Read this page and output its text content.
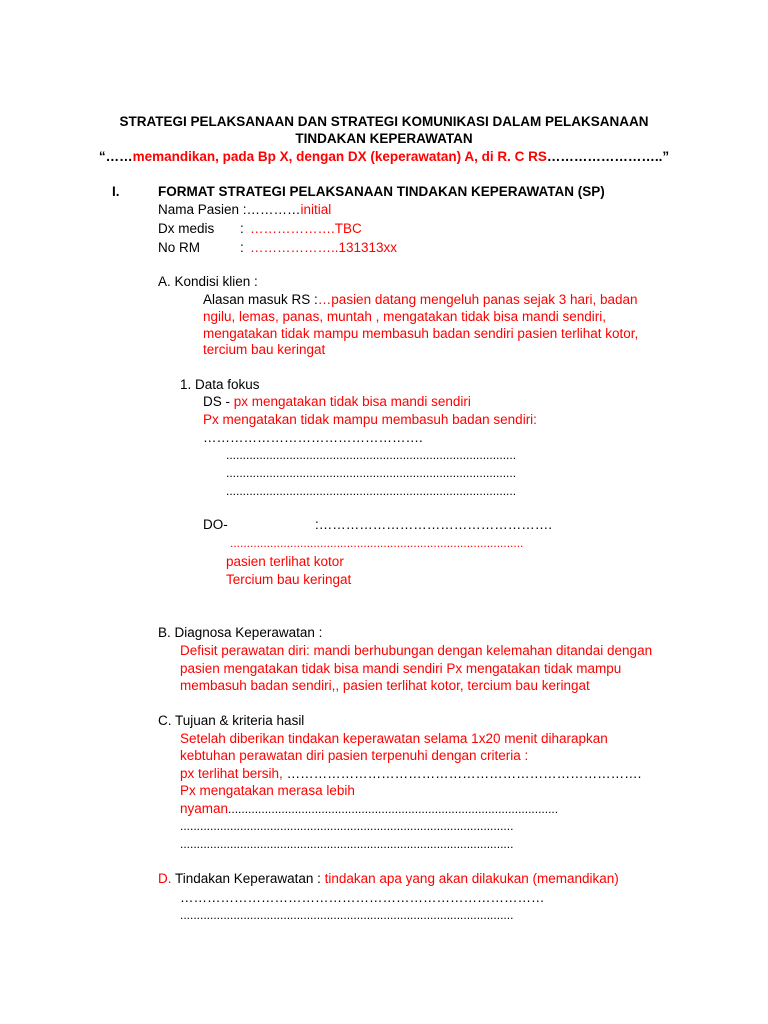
STRATEGI PELAKSANAAN DAN STRATEGI KOMUNIKASI DALAM PELAKSANAAN
TINDAKAN KEPERAWATAN
“……memandikan, pada Bp X, dengan DX (keperawatan) A, di R. C RS……………………..”
I.	FORMAT STRATEGI PELAKSANAAN TINDAKAN KEPERAWATAN (SP)
Nama Pasien :…………initial
Dx medis : ……………….TBC
No RM	: ………………..131313xx
A. Kondisi klien :
Alasan masuk RS :…pasien datang mengeluh panas sejak 3 hari, badan
ngilu, lemas, panas, muntah , mengatakan tidak bisa mandi sendiri,
mengatakan tidak mampu membasuh badan sendiri pasien terlihat kotor,
tercium bau keringat
1. Data fokus
DS - px mengatakan tidak bisa mandi sendiri
Px mengatakan tidak mampu membasuh badan sendiri:
………………………………………….
.......................................................................................
.......................................................................................
.......................................................................................
DO-	:…………………………………………….
........................................................................................
pasien terlihat kotor
Tercium bau keringat
B. Diagnosa Keperawatan :
Defisit perawatan diri: mandi berhubungan dengan kelemahan ditandai dengan
pasien mengatakan tidak bisa mandi sendiri Px mengatakan tidak mampu
membasuh badan sendiri,, pasien terlihat kotor, tercium bau keringat
C. Tujuan & kriteria hasil
Setelah diberikan tindakan keperawatan selama 1x20 menit diharapkan
kebtuhan perawatan diri pasien terpenuhi dengan criteria :
px terlihat bersih, …………………………………………………………………….
Px mengatakan merasa lebih
nyaman...................................................................................................
....................................................................................................
....................................................................................................
D. Tindakan Keperawatan : tindakan apa yang akan dilakukan (memandikan)
………………………………………………………………………
....................................................................................................
